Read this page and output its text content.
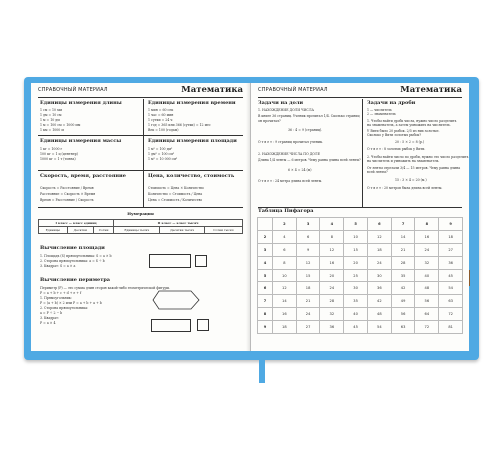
СПРАВОЧНЫЙ МАТЕРИАЛ	Математика
Единицы измерения длины
1 см = 10 мм
1 дм = 10 см
1 м = 10 дм
1 м = 100 см = 1000 мм
1 км = 1000 м
Единицы измерения времени
1 мин = 60 сек
1 час = 60 мин
1 сутки = 24 ч
1 год = 365 или 366 (сутки) = 12 мес
Век = 100 (годам)
Единицы измерения массы
1 кг = 1000 г
100 кг = 1 ц (центнер)
1000 кг = 1 т (тонна)
Единицы измерения площади
1 м² = 100 дм²
1 дм² = 100 см²
1 м² = 10 000 см²
Скорость, время, расстояние
Скорость = Расстояние / Время
Расстояние = Скорость × Время
Время = Расстояние / Скорость
Цена, количество, стоимость
Стоимость = Цена × Количество
Количество = Стоимость / Цена
Цена = Стоимость / Количество
Нумерация
I класс — класс единиц			II класс — класс тысяч		
Единицы	Десятки	Сотни	Единицы тысяч	Десятки тысяч	Сотни тысяч
Вычисление площади
1. Площадь (S) прямоугольника: S = a × b
2. Сторона прямоугольника: a = S ÷ b
3. Квадрат: S = a × a
Вычисление периметра
Периметр (P) — это сумма длин сторон какой-либо геометрической фигуры.
P = a + b + c + d + e + f
1. Прямоугольник:
P = (a + b) × 2 или P = a + b + a + b
2. Сторона прямоугольника:
a = P ÷ 2 − b
3. Квадрат:
P = a × 4
СПРАВОЧНЫЙ МАТЕРИАЛ	Математика
Задачи на доли
1. НАХОЖДЕНИЕ ДОЛИ ЧИСЛА
В книге 36 страниц. Ученик прочитал 1/4. Сколько страниц
он прочитал?
36 : 4 = 9 (страниц).
О т в е т : 9 страниц прочитал ученик.
2. НАХОЖДЕНИЕ ЧИСЛА ПО ДОЛЕ
Длина 1/4 ленты — 6 метров. Чему равна длина всей ленты?
6 × 4 = 24 (м)
О т в е т : 24 метра длина всей ленты.
Задачи на дроби
1 — числитель
2 — знаменатель
1. Чтобы найти дробь числа, нужно число разделить
на знаменатель, а затем умножить на числитель.
У Вити было 20 рыбок. 2/5 из них золотые.
Сколько у Вити золотых рыбок?
20 : 5 × 2 = 8 (р.)
О т в е т : 8 золотых рыбок у Вити.
2. Чтобы найти число по дроби, нужно это число разделить
на числитель и умножить на знаменатель.
От ленты отрезали 3/4 — 15 метров. Чему равна длина
всей ленты?
15 : 3 × 4 = 20 (м.)
О т в е т : 20 метров была длина всей ленты.
Таблица Пифагора
	2	3	4	5	6	7	8	9
2	4	6	8	10	12	14	16	18
3	6	9	12	15	18	21	24	27
4	8	12	16	20	24	28	32	36
5	10	15	20	25	30	35	40	45
6	12	18	24	30	36	42	48	54
7	14	21	28	35	42	49	56	63
8	16	24	32	40	48	56	64	72
9	18	27	36	45	54	63	72	81
